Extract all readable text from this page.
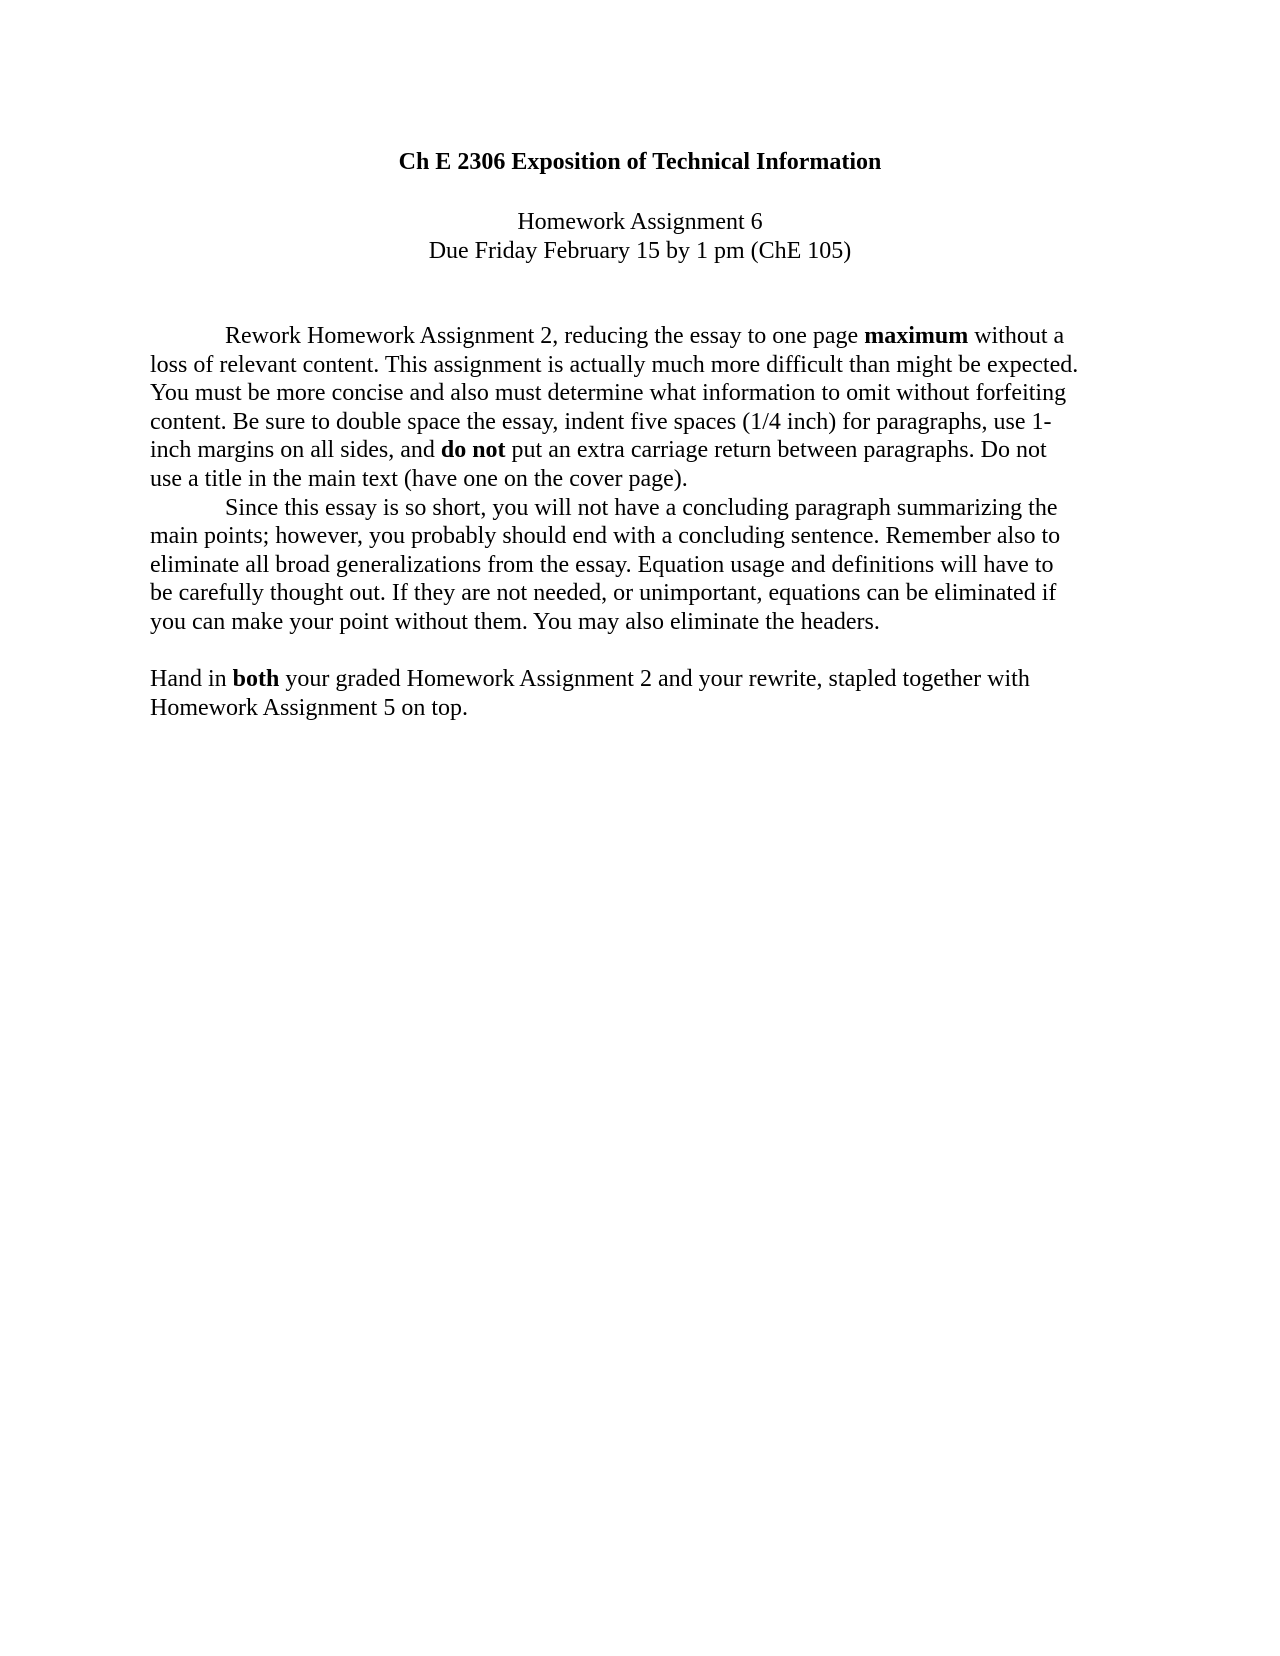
Ch E 2306 Exposition of Technical Information

Homework Assignment 6

Due Friday February 15 by 1 pm (ChE 105)

Rework Homework Assignment 2, reducing the essay to one page maximum without a
loss of relevant content. This assignment is actually much more difficult than might be expected.
You must be more concise and also must determine what information to omit without forfeiting
content. Be sure to double space the essay, indent five spaces (1/4 inch) for paragraphs, use 1-
inch margins on all sides, and do not put an extra carriage return between paragraphs. Do not
use a title in the main text (have one on the cover page).
Since this essay is so short, you will not have a concluding paragraph summarizing the
main points; however, you probably should end with a concluding sentence. Remember also to
eliminate all broad generalizations from the essay. Equation usage and definitions will have to
be carefully thought out. If they are not needed, or unimportant, equations can be eliminated if
you can make your point without them. You may also eliminate the headers.
Hand in both your graded Homework Assignment 2 and your rewrite, stapled together with
Homework Assignment 5 on top.
